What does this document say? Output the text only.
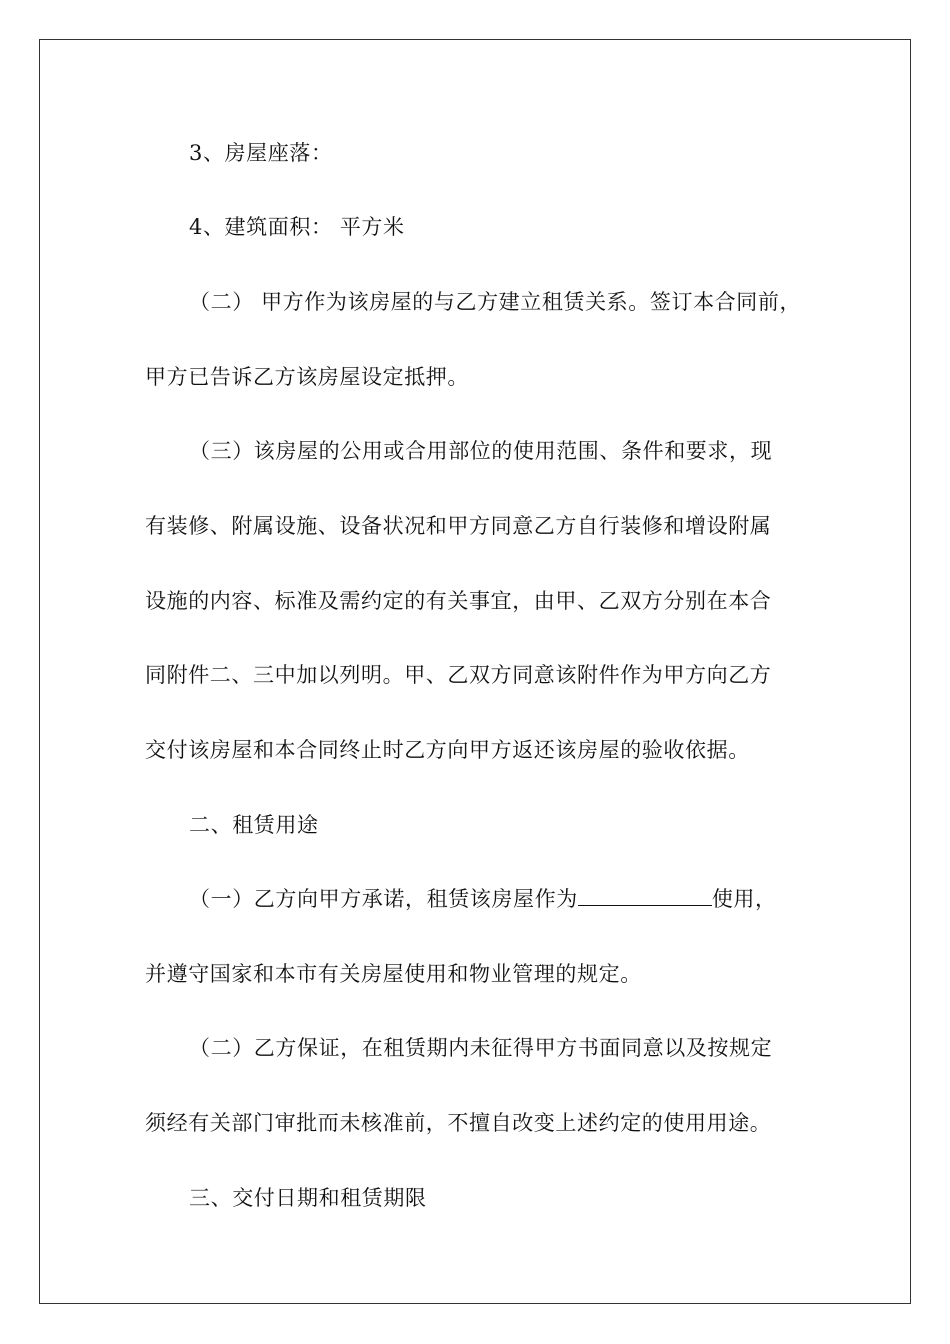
3、房屋座落：
4、建筑面积： 平方米
（二） 甲方作为该房屋的与乙方建立租赁关系。签订本合同前，
甲方已告诉乙方该房屋设定抵押。
（三）该房屋的公用或合用部位的使用范围、条件和要求，现
有装修、附属设施、设备状况和甲方同意乙方自行装修和增设附属
设施的内容、标准及需约定的有关事宜，由甲、乙双方分别在本合
同附件二、三中加以列明。甲、乙双方同意该附件作为甲方向乙方
交付该房屋和本合同终止时乙方向甲方返还该房屋的验收依据。
二、租赁用途
（一）乙方向甲方承诺，租赁该房屋作为	使用，
并遵守国家和本市有关房屋使用和物业管理的规定。
（二）乙方保证，在租赁期内未征得甲方书面同意以及按规定
须经有关部门审批而未核准前，不擅自改变上述约定的使用用途。
三、交付日期和租赁期限
